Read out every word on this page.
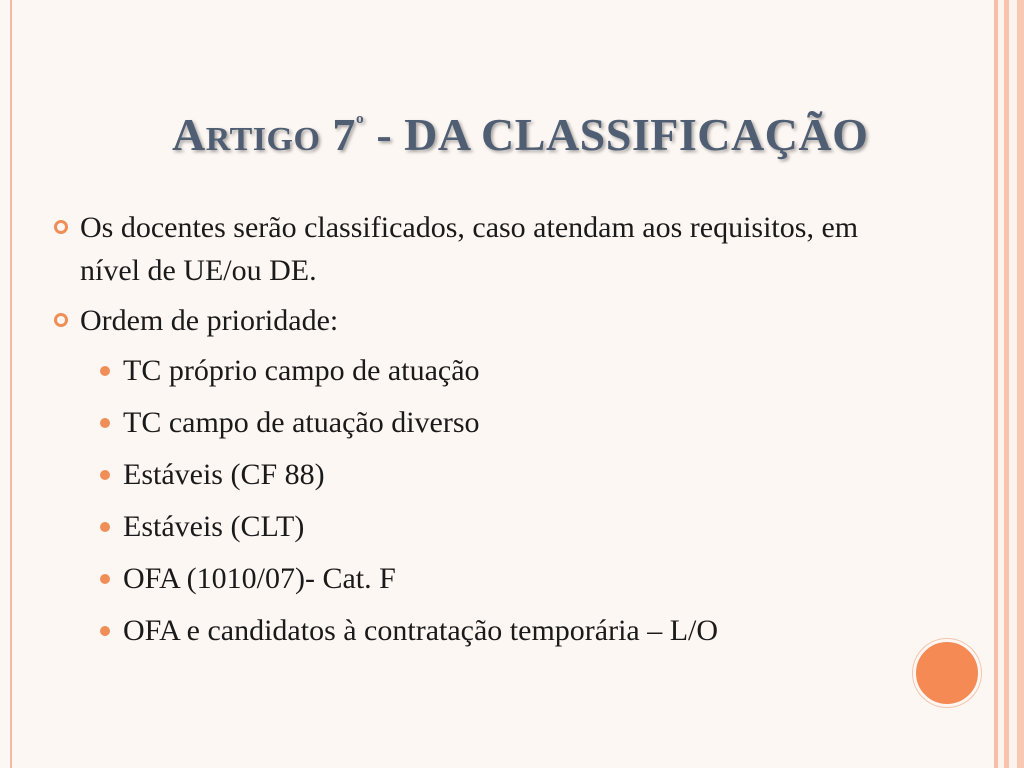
ARTIGO $7^º$ - DA CLASSIFICAÇÃO
Os docentes serão classificados, caso atendam aos requisitos, em nível de UE/ou DE.
Ordem de prioridade:
TC próprio campo de atuação
TC campo de atuação diverso
Estáveis (CF 88)
Estáveis (CLT)
OFA (1010/07)- Cat. F
OFA e candidatos à contratação temporária – L/O
